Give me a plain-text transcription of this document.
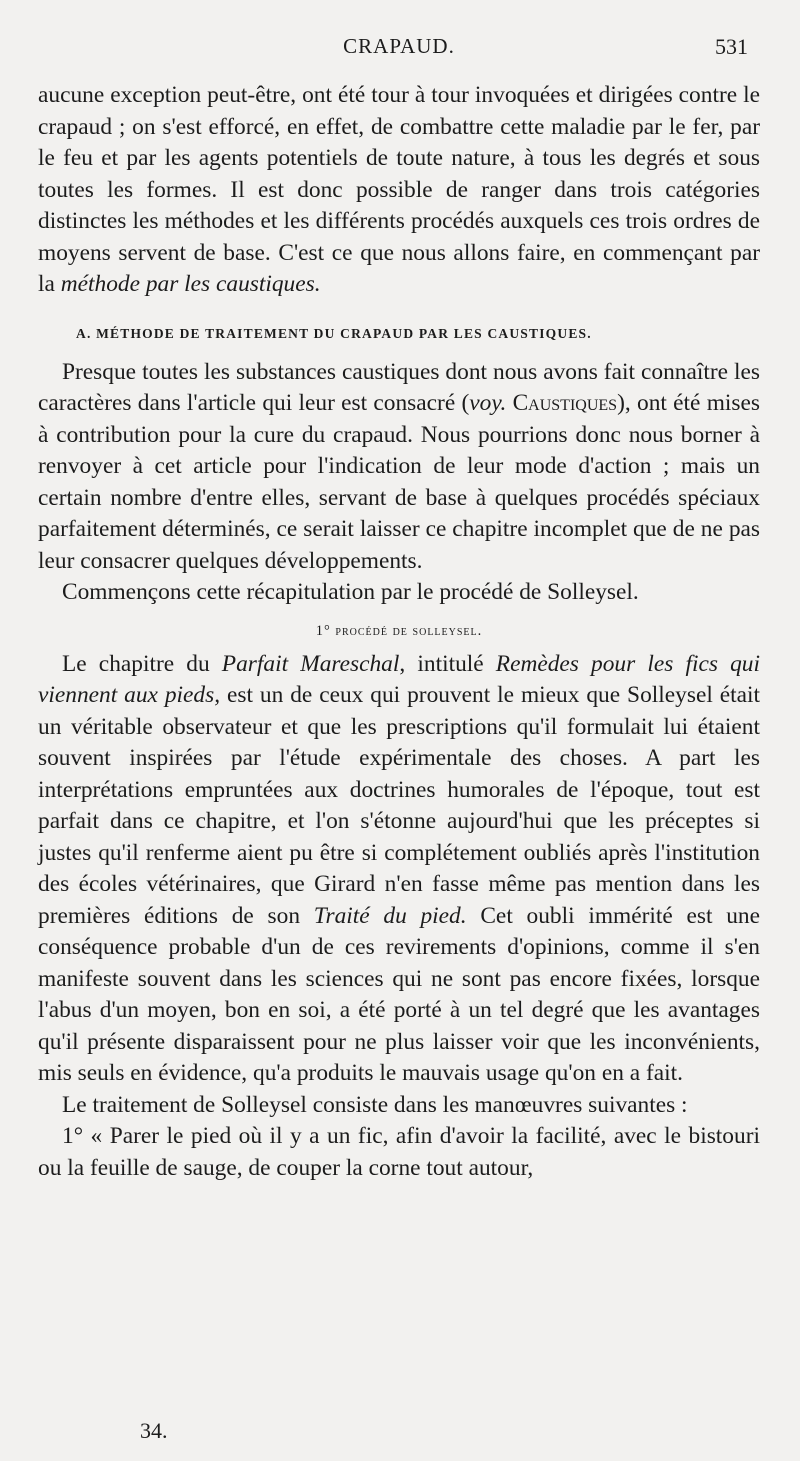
CRAPAUD.	531

aucune exception peut-être, ont été tour à tour invoquées et dirigées contre le crapaud ; on s'est efforcé, en effet, de combattre cette maladie par le fer, par le feu et par les agents potentiels de toute nature, à tous les degrés et sous toutes les formes. Il est donc possible de ranger dans trois catégories distinctes les méthodes et les différents procédés auxquels ces trois ordres de moyens servent de base. C'est ce que nous allons faire, en commençant par la méthode par les caustiques.

A. MÉTHODE DE TRAITEMENT DU CRAPAUD PAR LES CAUSTIQUES.

Presque toutes les substances caustiques dont nous avons fait connaître les caractères dans l'article qui leur est consacré (voy. Caustiques), ont été mises à contribution pour la cure du crapaud. Nous pourrions donc nous borner à renvoyer à cet article pour l'indication de leur mode d'action ; mais un certain nombre d'entre elles, servant de base à quelques procédés spéciaux parfaitement déterminés, ce serait laisser ce chapitre incomplet que de ne pas leur consacrer quelques développements.

Commençons cette récapitulation par le procédé de Solleysel.

1° procédé de solleysel.

Le chapitre du Parfait Mareschal, intitulé Remèdes pour les fics qui viennent aux pieds, est un de ceux qui prouvent le mieux que Solleysel était un véritable observateur et que les prescriptions qu'il formulait lui étaient souvent inspirées par l'étude expérimentale des choses. A part les interprétations empruntées aux doctrines humorales de l'époque, tout est parfait dans ce chapitre, et l'on s'étonne aujourd'hui que les préceptes si justes qu'il renferme aient pu être si complétement oubliés après l'institution des écoles vétérinaires, que Girard n'en fasse même pas mention dans les premières éditions de son Traité du pied. Cet oubli immérité est une conséquence probable d'un de ces revirements d'opinions, comme il s'en manifeste souvent dans les sciences qui ne sont pas encore fixées, lorsque l'abus d'un moyen, bon en soi, a été porté à un tel degré que les avantages qu'il présente disparaissent pour ne plus laisser voir que les inconvénients, mis seuls en évidence, qu'a produits le mauvais usage qu'on en a fait.

Le traitement de Solleysel consiste dans les manœuvres suivantes :

1° « Parer le pied où il y a un fic, afin d'avoir la facilité, avec le bistouri ou la feuille de sauge, de couper la corne tout autour,

34.
